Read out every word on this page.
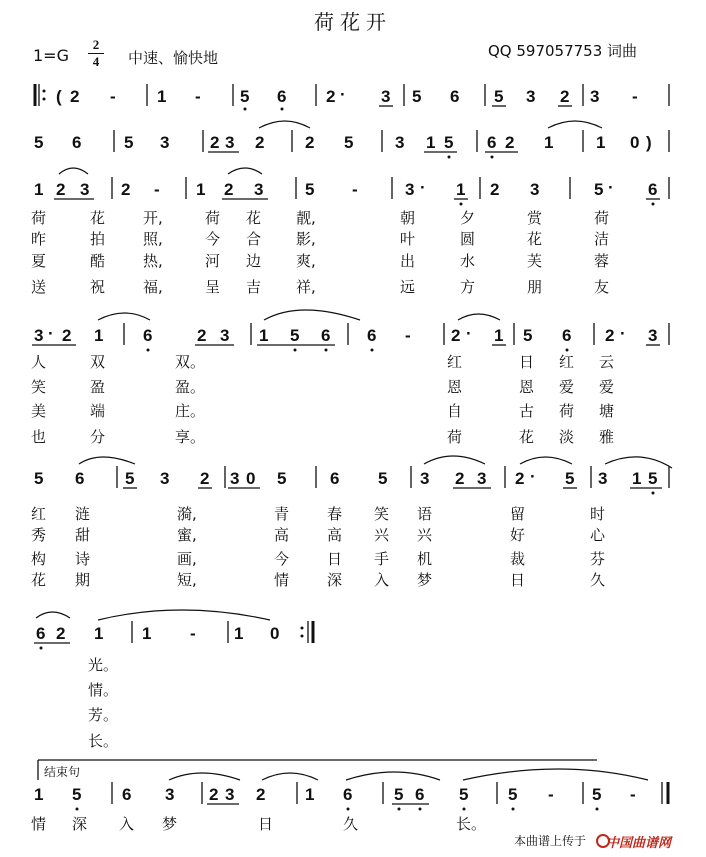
荷花开
1=G
2
4	中速、愉快地	QQ 597057753 词曲
( 2 - 1 - 5 6 2 · 3 5 6 5 3 2 3 -
5 6	5 3 2 3 2 2 5 3 1 5 6 2 1	1 0 )
1 2 3 2 - 1 2 3 5 -	3 · 1 2 3	5 · 6
荷	花	开,	荷 花 靓,	朝	夕	赏	荷
昨	拍	照,	今 合 影,	叶	圆	花	洁
夏	酷	热,	河 边 爽,	出	水	芙	蓉
送	祝	福,	呈 吉 祥,	远	方	朋	友
3 · 2 1 6	2 3 1 5 6 6 - 2 · 1 5 6 2 · 3
人	双	双。	红	日 红 云
笑	盈	盈。	恩	恩 爱 爱
美	端	庄。	自	古 荷 塘
也	分	享。	荷	花 淡 雅
5 6 5 3 2 3 0 5	6 5 3 2 3 2 · 5 3 1 5
红 涟	漪,	青	春 笑 语	留	时
秀 甜	蜜,	高	高 兴 兴	好	心
构 诗	画,	今	日 手 机	裁	芬
花 期	短,	情	深 入 梦	日	久
6 2 1 1 - 1 0
光。
情。
芳。
长。
结束句
1 5 6 3 2 3 2 1 6 5 6 5 5 - 5 -
情 深 入 梦	日	久	长。
本曲谱上传于 中国曲谱网
